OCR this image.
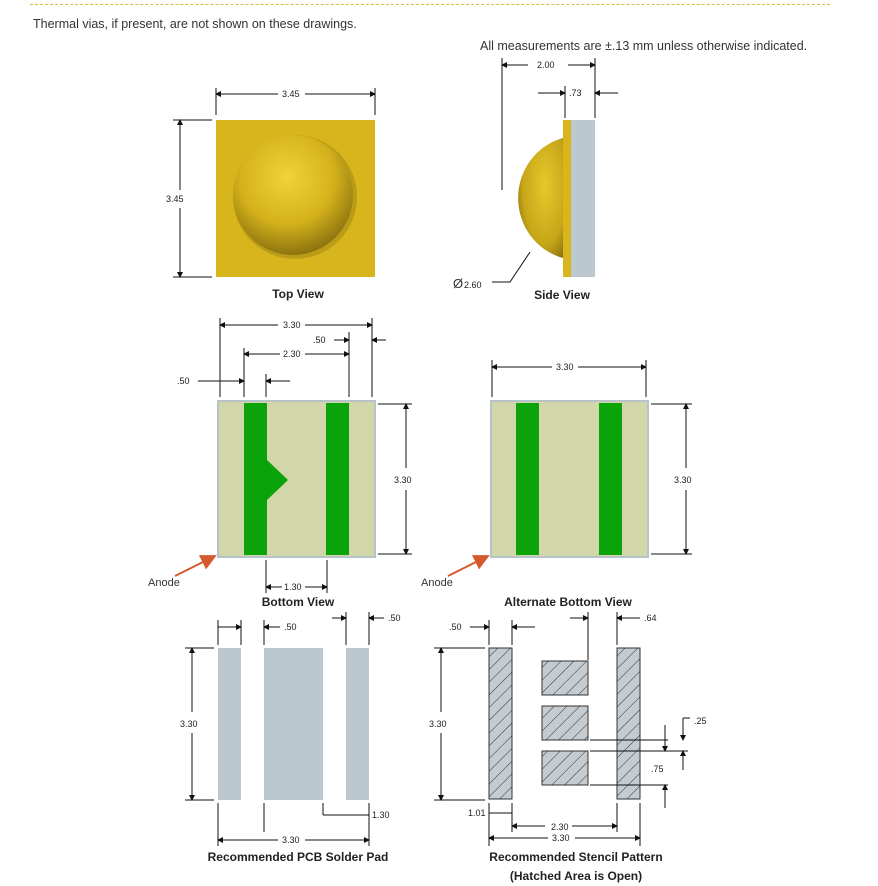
Thermal vias, if present, are not shown on these drawings.
All measurements are ±.13 mm unless otherwise indicated.
3.45
3.45
Top View
2.00
.73
Ø 2.60
Side View
3.30
.50
2.30
.50
3.30
1.30
Anode
Bottom View
3.30
3.30
Anode
Alternate Bottom View
.50
.50
3.30
1.30
3.30
Recommended PCB Solder Pad
.50
.64
3.30	.25
.75
1.01
2.30
3.30
Recommended Stencil Pattern
(Hatched Area is Open)
